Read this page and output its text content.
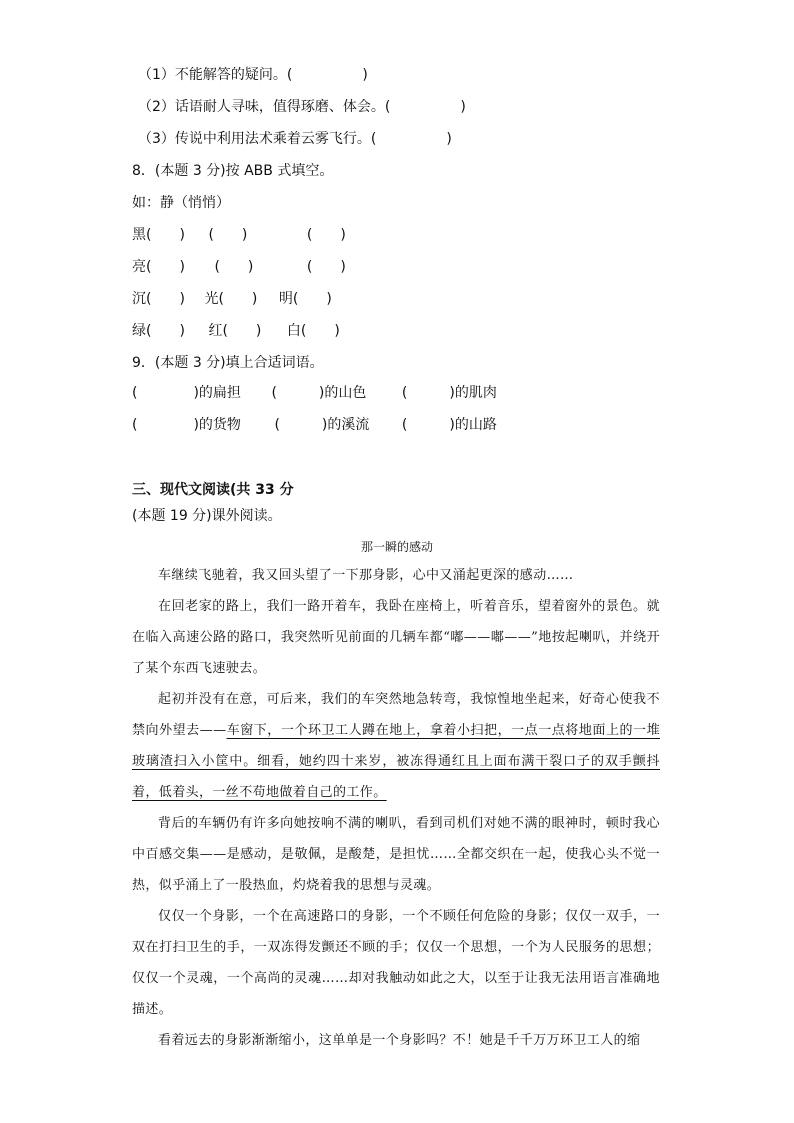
（1）不能解答的疑问。(　　　　　)
（2）话语耐人寻味，值得琢磨、体会。(　　　　　)
（3）传说中利用法术乘着云雾飞行。(　　　　　)
8．(本题 3 分)按 ABB 式填空。
如：静（悄悄）
黑(　　) (　　)	(　　)
亮(　　) (　　)	(　　)
沉(　　) 光(　　) 明(　　)
绿(　　) 红(　　) 白(　　)
9．(本题 3 分)填上合适词语。
(　　　　)的扁担 (　　　)的山色	(　　　)的肌肉
(　　　　)的货物 (　　　)的溪流 (　　　)的山路
三、现代文阅读(共 33 分
(本题 19 分)课外阅读。
那一瞬的感动

车继续飞驰着，我又回头望了一下那身影，心中又涌起更深的感动……

在回老家的路上，我们一路开着车，我卧在座椅上，听着音乐，望着窗外的景色。就在临入高速公路的路口，我突然听见前面的几辆车都“嘟——嘟——”地按起喇叭，并绕开了某个东西飞速驶去。

起初并没有在意，可后来，我们的车突然地急转弯，我惊惶地坐起来，好奇心使我不禁向外望去——车窗下，一个环卫工人蹲在地上，拿着小扫把，一点一点将地面上的一堆玻璃渣扫入小筐中。细看，她约四十来岁，被冻得通红且上面布满干裂口子的双手颤抖着，低着头，一丝不苟地做着自己的工作。

背后的车辆仍有许多向她按响不满的喇叭，看到司机们对她不满的眼神时，顿时我心中百感交集——是感动，是敬佩，是酸楚，是担忧……全都交织在一起，使我心头不觉一热，似乎涌上了一股热血，灼烧着我的思想与灵魂。

仅仅一个身影，一个在高速路口的身影，一个不顾任何危险的身影；仅仅一双手，一双在打扫卫生的手，一双冻得发颤还不顾的手；仅仅一个思想，一个为人民服务的思想；仅仅一个灵魂，一个高尚的灵魂……却对我触动如此之大，以至于让我无法用语言准确地描述。

看着远去的身影渐渐缩小，这单单是一个身影吗？不！她是千千万万环卫工人的缩
